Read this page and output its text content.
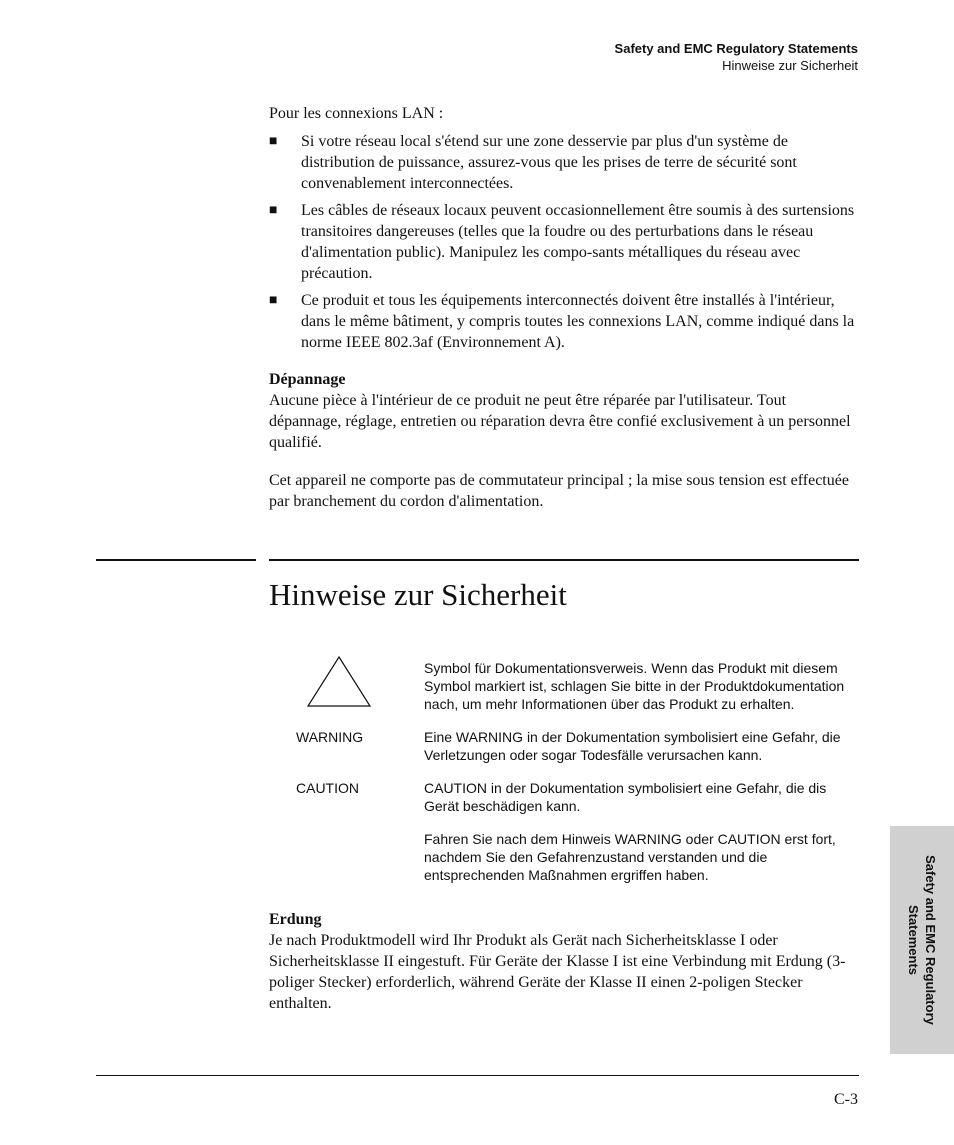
Safety and EMC Regulatory Statements
Hinweise zur Sicherheit

Pour les connexions LAN :

■ Si votre réseau local s'étend sur une zone desservie par plus d'un système de distribution de puissance, assurez-vous que les prises de terre de sécurité sont convenablement interconnectées.
■ Les câbles de réseaux locaux peuvent occasionnellement être soumis à des surtensions transitoires dangereuses (telles que la foudre ou des perturbations dans le réseau d'alimentation public). Manipulez les compo-sants métalliques du réseau avec précaution.
■ Ce produit et tous les équipements interconnectés doivent être installés à l'intérieur, dans le même bâtiment, y compris toutes les connexions LAN, comme indiqué dans la norme IEEE 802.3af (Environnement A).
Dépannage
Aucune pièce à l'intérieur de ce produit ne peut être réparée par l'utilisateur. Tout dépannage, réglage, entretien ou réparation devra être confié exclusivement à un personnel qualifié.

Cet appareil ne comporte pas de commutateur principal ; la mise sous tension est effectuée par branchement du cordon d'alimentation.

Hinweise zur Sicherheit
Symbol für Dokumentationsverweis. Wenn das Produkt mit diesem Symbol markiert ist, schlagen Sie bitte in der Produktdokumentation nach, um mehr Informationen über das Produkt zu erhalten.
WARNING	Eine WARNING in der Dokumentation symbolisiert eine Gefahr, die Verletzungen oder sogar Todesfälle verursachen kann.
CAUTION	CAUTION in der Dokumentation symbolisiert eine Gefahr, die dis Gerät beschädigen kann.
Fahren Sie nach dem Hinweis WARNING oder CAUTION erst fort, nachdem Sie den Gefahrenzustand verstanden und die entsprechenden Maßnahmen ergriffen haben.
Erdung
Je nach Produktmodell wird Ihr Produkt als Gerät nach Sicherheitsklasse I oder Sicherheitsklasse II eingestuft. Für Geräte der Klasse I ist eine Verbindung mit Erdung (3-poliger Stecker) erforderlich, während Geräte der Klasse II einen 2-poligen Stecker enthalten.	Safety and EMC Regulatory Statements
C-3
